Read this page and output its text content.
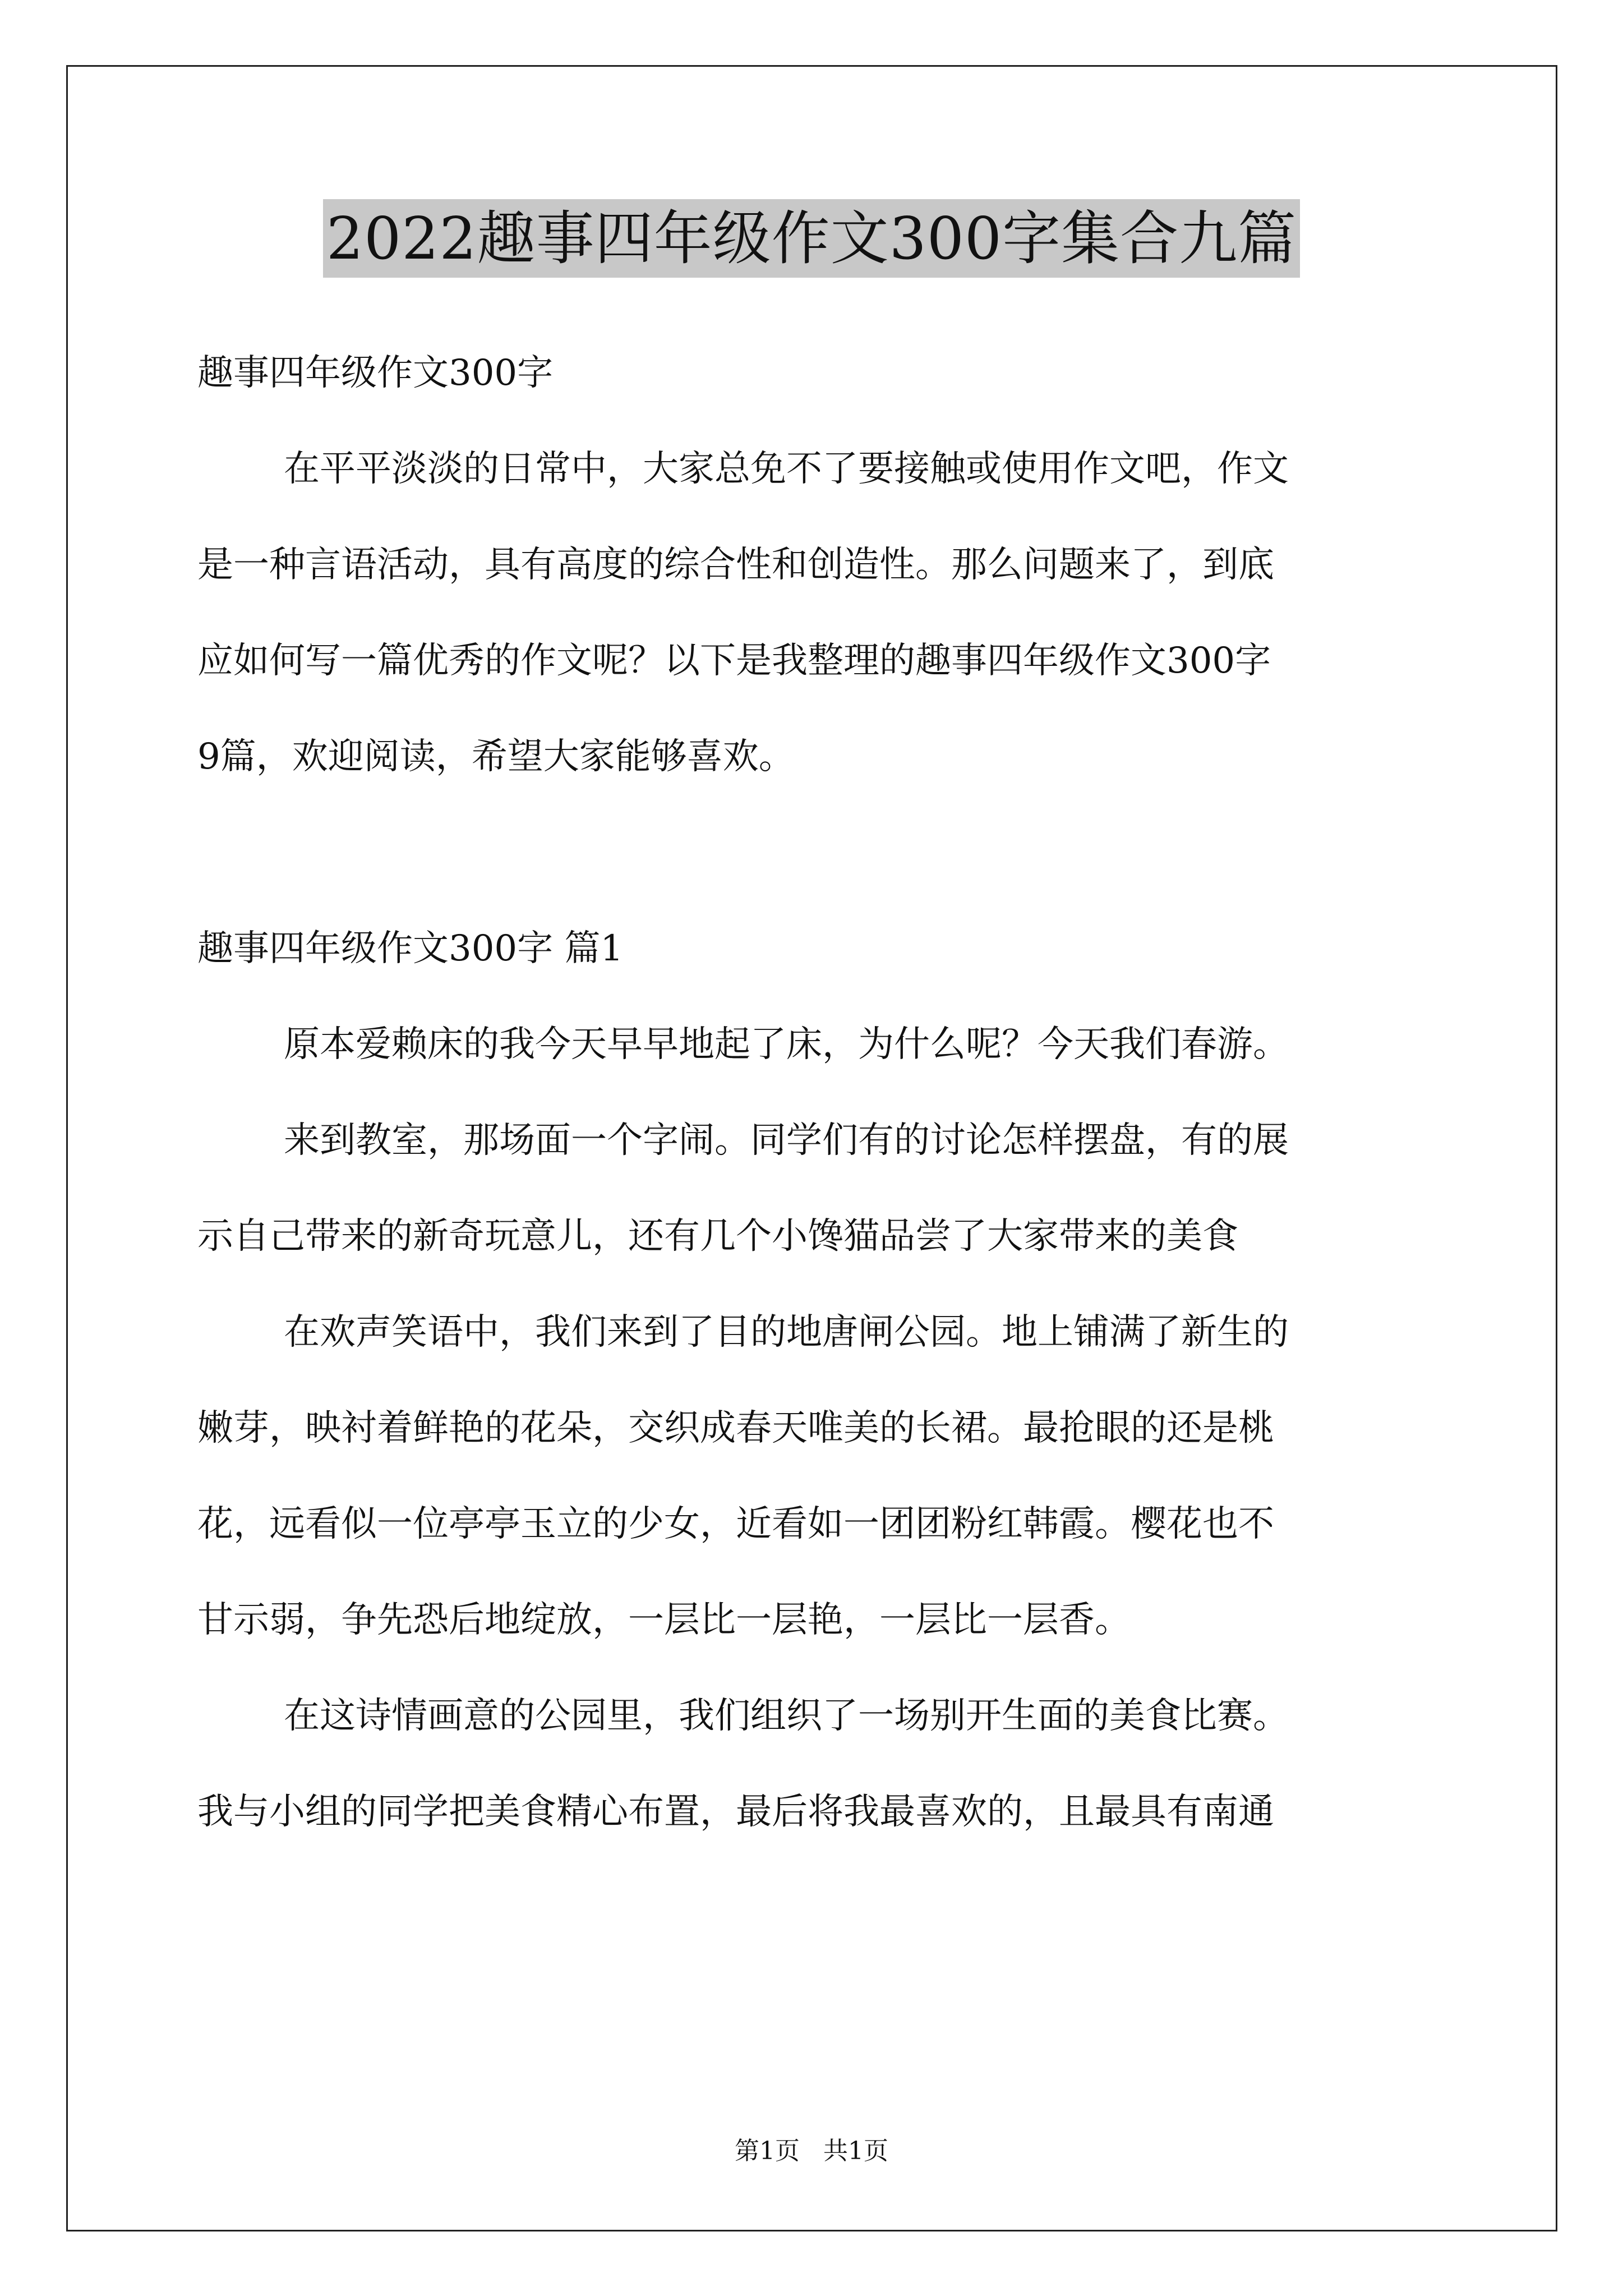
2022趣事四年级作文300字集合九篇
趣事四年级作文300字
在平平淡淡的日常中，大家总免不了要接触或使用作文吧，作文
是一种言语活动，具有高度的综合性和创造性。那么问题来了，到底
应如何写一篇优秀的作文呢？以下是我整理的趣事四年级作文300字
9篇，欢迎阅读，希望大家能够喜欢。
趣事四年级作文300字 篇1
原本爱赖床的我今天早早地起了床，为什么呢？今天我们春游。
来到教室，那场面一个字闹。同学们有的讨论怎样摆盘，有的展
示自己带来的新奇玩意儿，还有几个小馋猫品尝了大家带来的美食
在欢声笑语中，我们来到了目的地唐闸公园。地上铺满了新生的
嫩芽，映衬着鲜艳的花朵，交织成春天唯美的长裙。最抢眼的还是桃
花，远看似一位亭亭玉立的少女，近看如一团团粉红韩霞。樱花也不
甘示弱，争先恐后地绽放，一层比一层艳，一层比一层香。
在这诗情画意的公园里，我们组织了一场别开生面的美食比赛。
我与小组的同学把美食精心布置，最后将我最喜欢的，且最具有南通
第1页   共1页
